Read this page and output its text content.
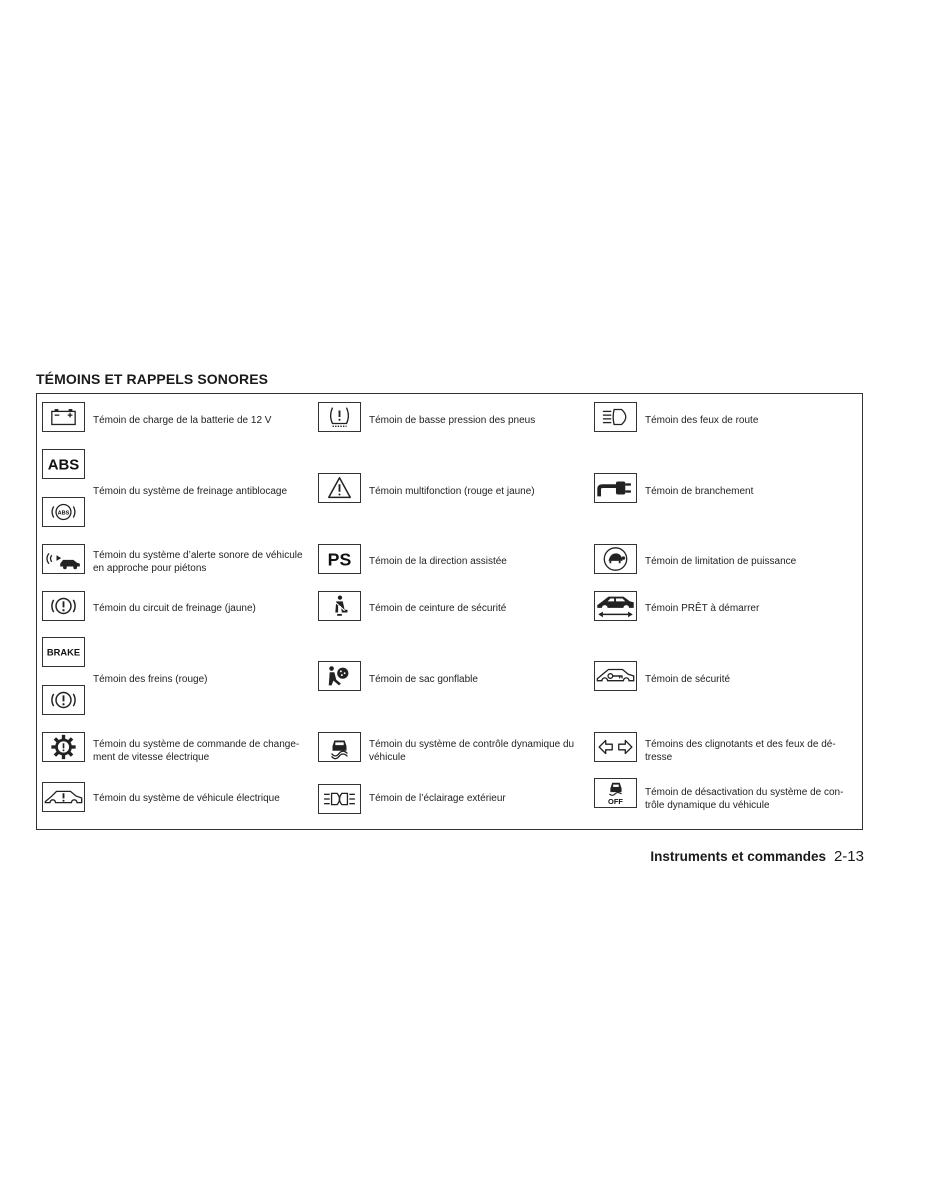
TÉMOINS ET RAPPELS SONORES
Témoin de charge de la batterie de 12 V
ABS
ABS
Témoin du système de freinage antiblocage
Témoin du système d’alerte sonore de véhicule en approche pour piétons
Témoin du circuit de freinage (jaune)
BRAKE
Témoin des freins (rouge)
Témoin du système de commande de change-ment de vitesse électrique
Témoin du système de véhicule électrique
Témoin de basse pression des pneus
Témoin multifonction (rouge et jaune)
PS Témoin de la direction assistée
Témoin de ceinture de sécurité
Témoin de sac gonflable
Témoin du système de contrôle dynamique du véhicule
Témoin de l’éclairage extérieur
Témoin des feux de route
Témoin de branchement
Témoin de limitation de puissance
Témoin PRÊT à démarrer
Témoin de sécurité
Témoins des clignotants et des feux de dé-tresse
OFF
Témoin de désactivation du système de con-trôle dynamique du véhicule
Instruments et commandes 2-13
